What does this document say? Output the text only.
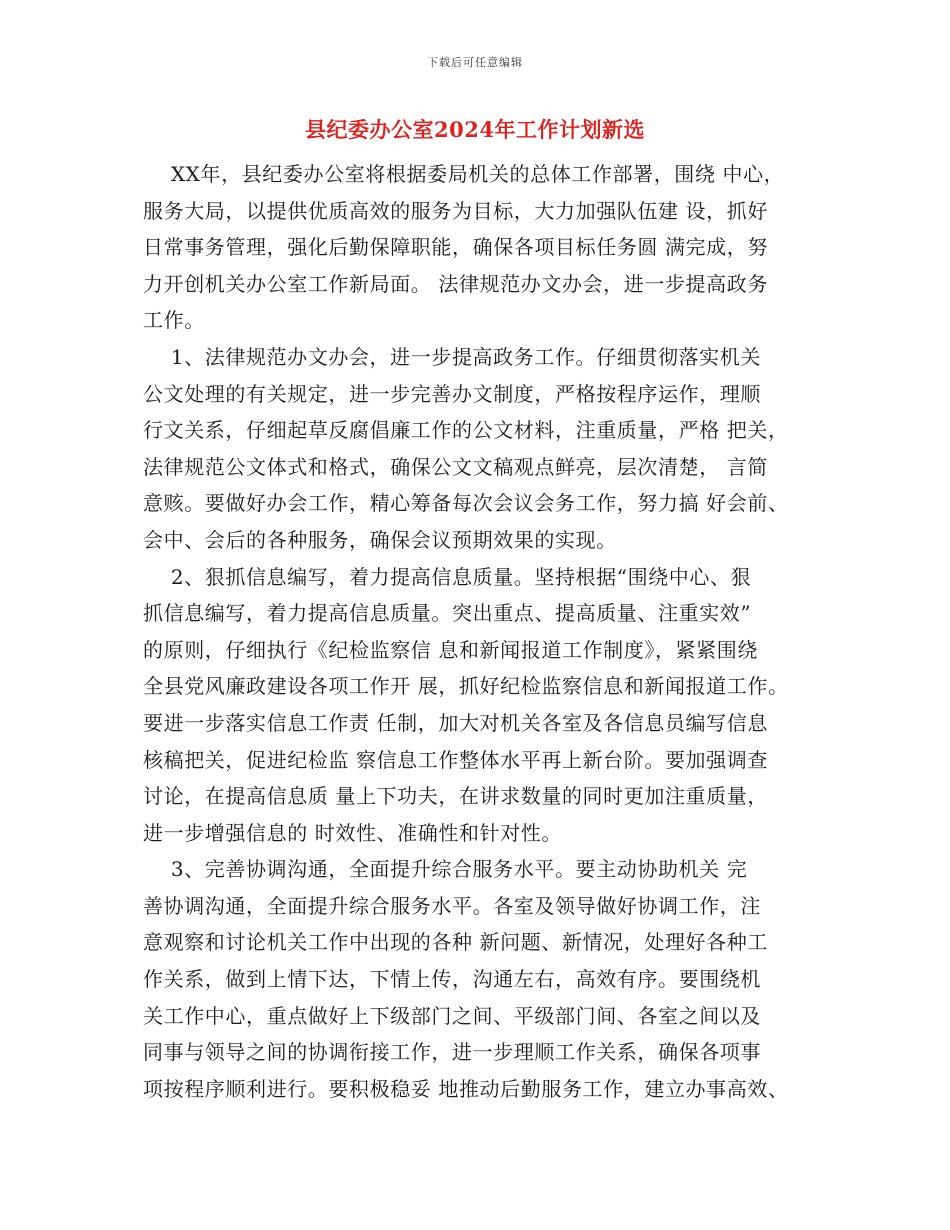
下载后可任意编辑
县纪委办公室2024年工作计划新选
XX年，县纪委办公室将根据委局机关的总体工作部署，围绕 中心，
服务大局，以提供优质高效的服务为目标，大力加强队伍建 设，抓好
日常事务管理，强化后勤保障职能，确保各项目标任务圆 满完成，努
力开创机关办公室工作新局面。 法律规范办文办会，进一步提高政务
工作。
1、法律规范办文办会，进一步提高政务工作。仔细贯彻落实机关
公文处理的有关规定，进一步完善办文制度，严格按程序运作，理顺
行文关系，仔细起草反腐倡廉工作的公文材料，注重质量，严格 把关，
法律规范公文体式和格式，确保公文文稿观点鲜亮，层次清楚， 言简
意赅。要做好办会工作，精心筹备每次会议会务工作，努力搞 好会前、
会中、会后的各种服务，确保会议预期效果的实现。
2、狠抓信息编写，着力提高信息质量。坚持根据“围绕中心、狠
抓信息编写，着力提高信息质量。突出重点、提高质量、注重实效”
的原则，仔细执行《纪检监察信 息和新闻报道工作制度》，紧紧围绕
全县党风廉政建设各项工作开 展，抓好纪检监察信息和新闻报道工作。
要进一步落实信息工作责 任制，加大对机关各室及各信息员编写信息
核稿把关，促进纪检监 察信息工作整体水平再上新台阶。要加强调查
讨论，在提高信息质 量上下功夫，在讲求数量的同时更加注重质量，
进一步增强信息的 时效性、准确性和针对性。
3、完善协调沟通，全面提升综合服务水平。要主动协助机关 完
善协调沟通，全面提升综合服务水平。各室及领导做好协调工作，注
意观察和讨论机关工作中出现的各种 新问题、新情况，处理好各种工
作关系，做到上情下达，下情上传，沟通左右，高效有序。要围绕机
关工作中心，重点做好上下级部门之间、平级部门间、各室之间以及
同事与领导之间的协调衔接工作，进一步理顺工作关系，确保各项事
项按程序顺利进行。要积极稳妥 地推动后勤服务工作，建立办事高效、
